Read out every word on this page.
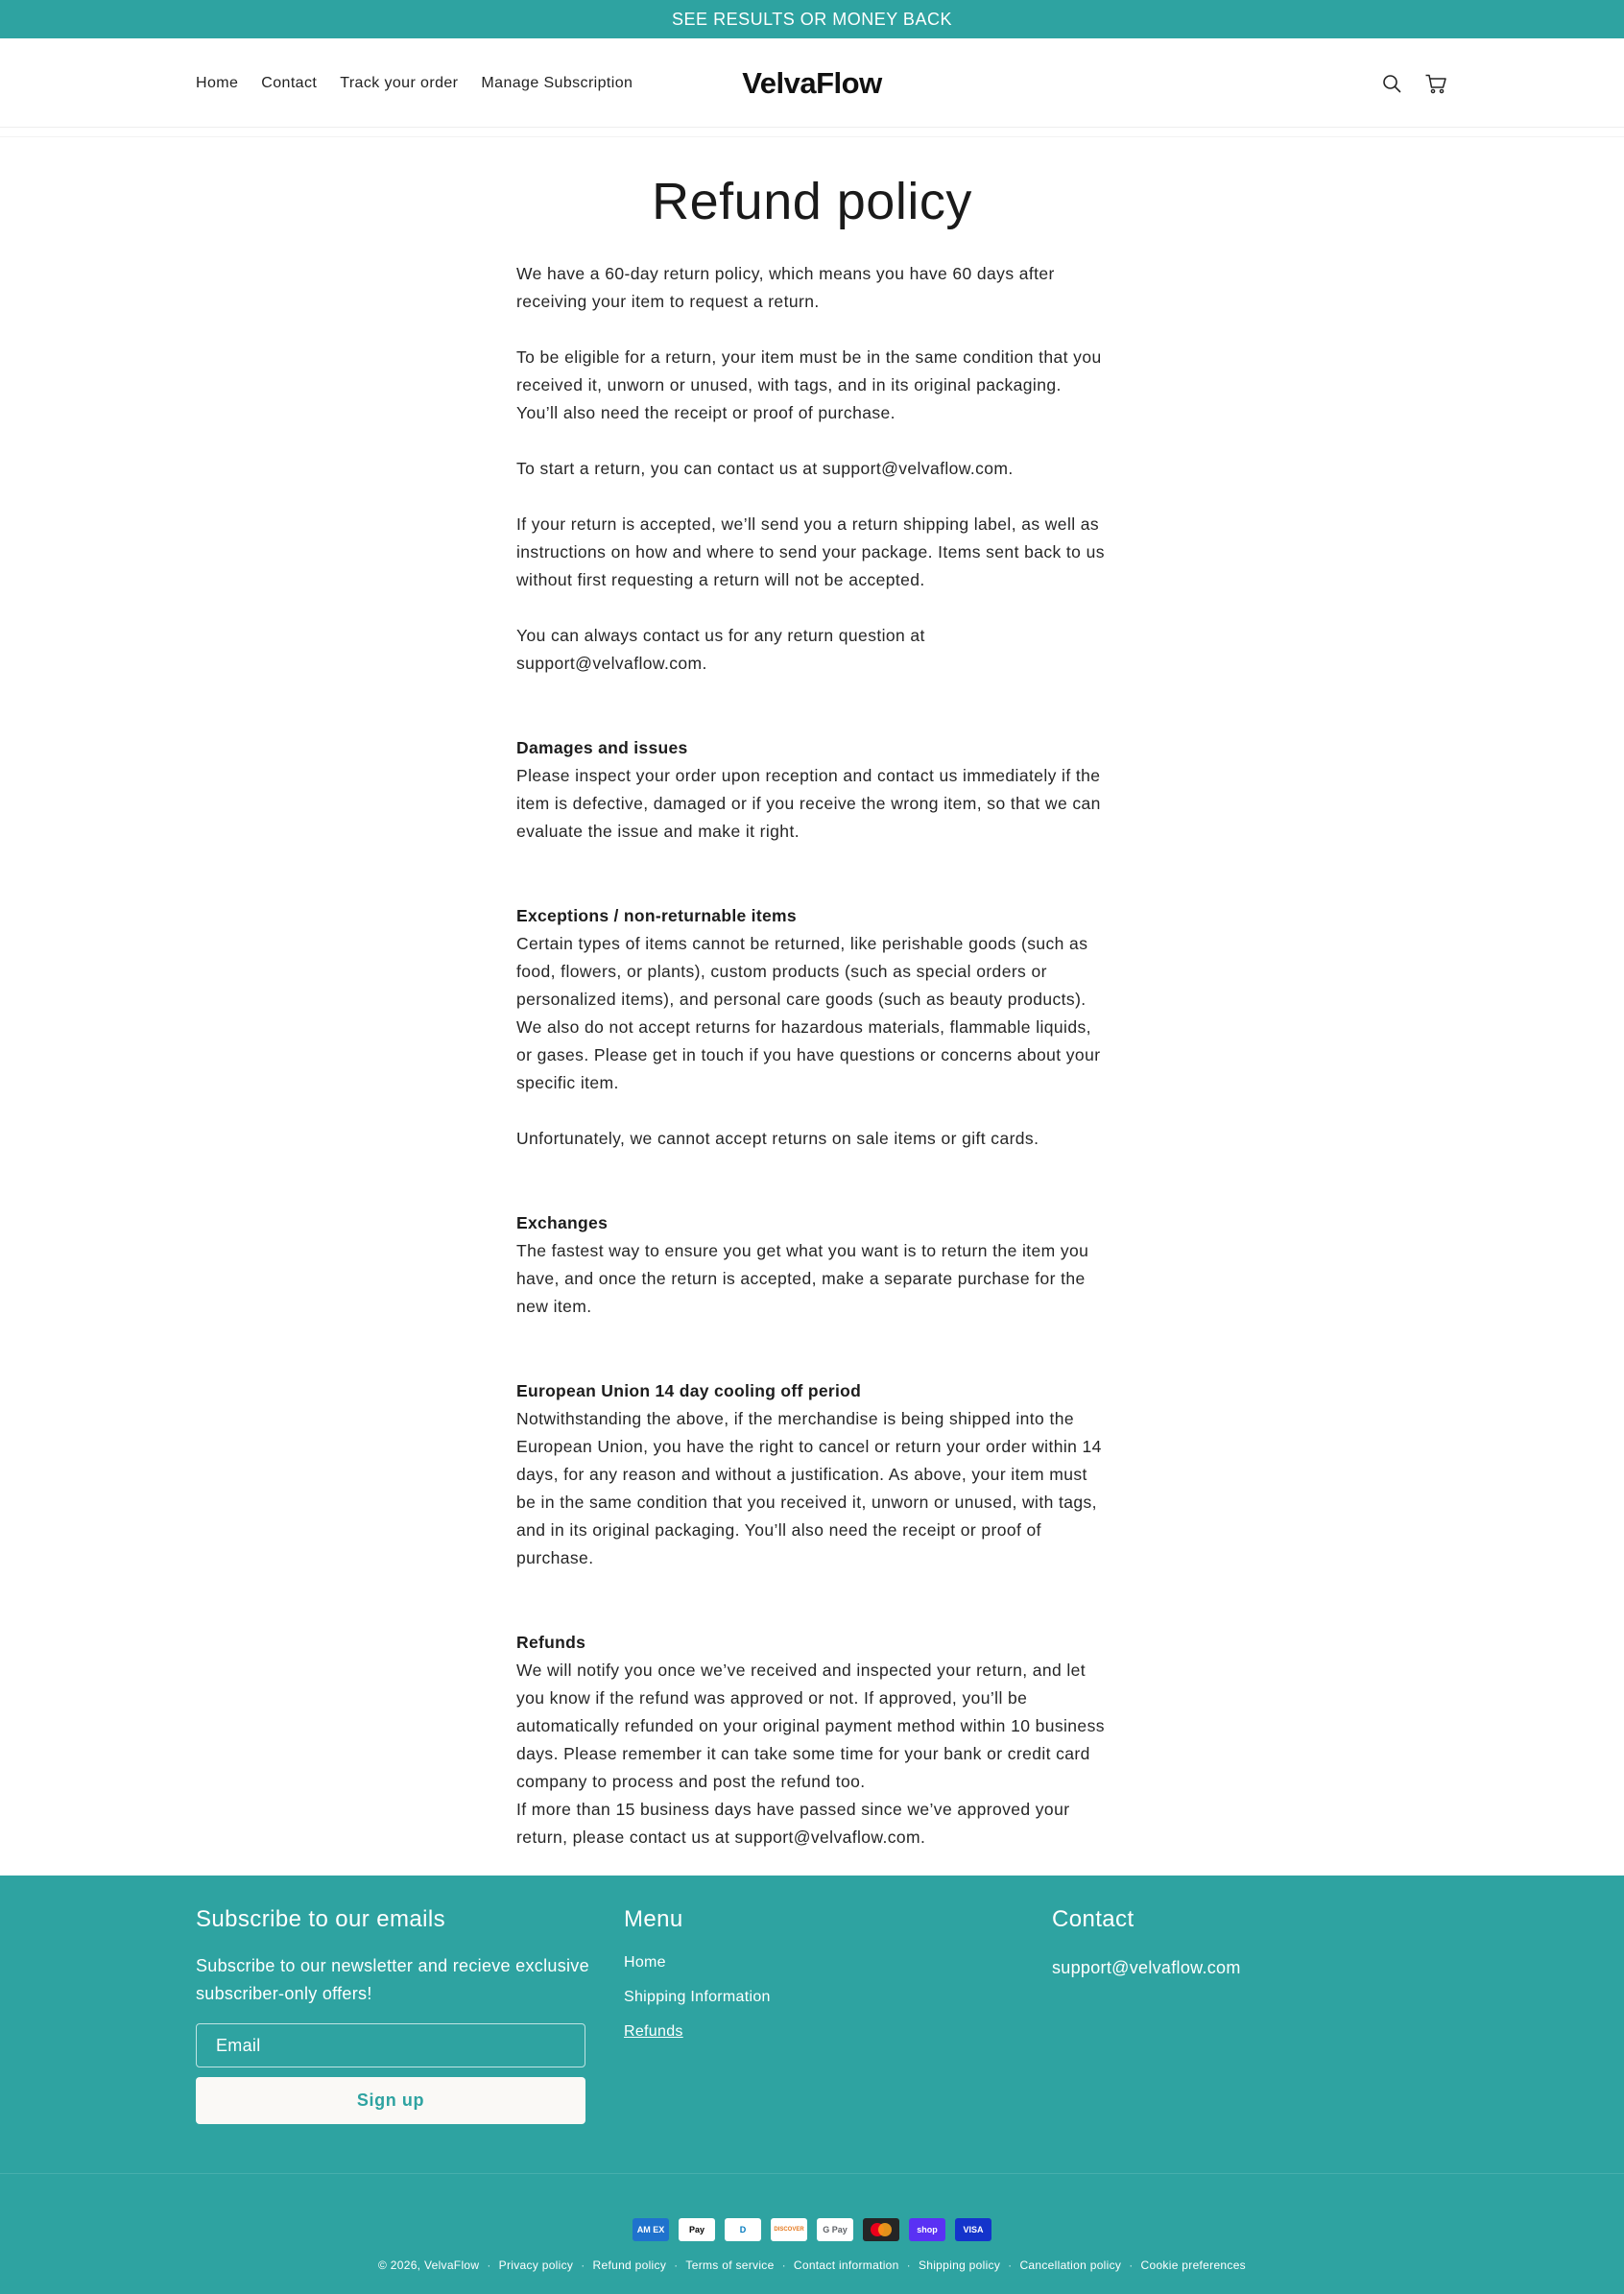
SEE RESULTS OR MONEY BACK
Home Contact Track your order Manage Subscription	VelvaFlow
Refund policy

We have a 60-day return policy, which means you have 60 days after receiving your item to request a return.

To be eligible for a return, your item must be in the same condition that you received it, unworn or unused, with tags, and in its original packaging. You’ll also need the receipt or proof of purchase.

To start a return, you can contact us at support@velvaflow.com.

If your return is accepted, we’ll send you a return shipping label, as well as instructions on how and where to send your package. Items sent back to us without first requesting a return will not be accepted.

You can always contact us for any return question at support@velvaflow.com.

Damages and issues

Please inspect your order upon reception and contact us immediately if the item is defective, damaged or if you receive the wrong item, so that we can evaluate the issue and make it right.

Exceptions / non-returnable items

Certain types of items cannot be returned, like perishable goods (such as food, flowers, or plants), custom products (such as special orders or personalized items), and personal care goods (such as beauty products). We also do not accept returns for hazardous materials, flammable liquids, or gases. Please get in touch if you have questions or concerns about your specific item.

Unfortunately, we cannot accept returns on sale items or gift cards.

Exchanges

The fastest way to ensure you get what you want is to return the item you have, and once the return is accepted, make a separate purchase for the new item.

European Union 14 day cooling off period

Notwithstanding the above, if the merchandise is being shipped into the European Union, you have the right to cancel or return your order within 14 days, for any reason and without a justification. As above, your item must be in the same condition that you received it, unworn or unused, with tags, and in its original packaging. You’ll also need the receipt or proof of purchase.

Refunds

We will notify you once we’ve received and inspected your return, and let you know if the refund was approved or not. If approved, you’ll be automatically refunded on your original payment method within 10 business days. Please remember it can take some time for your bank or credit card company to process and post the refund too.

If more than 15 business days have passed since we’ve approved your return, please contact us at support@velvaflow.com.

Subscribe to our emails

Subscribe to our newsletter and recieve exclusive subscriber-only offers!

Email
Sign up
Menu
Home
Shipping Information
Refunds
Contact

support@velvaflow.com

AM EX	Pay	D	DISCOVER G Pay	shop	VISA
© 2026, VelvaFlow · Privacy policy · Refund policy · Terms of service · Contact information · Shipping policy · Cancellation policy · Cookie preferences
